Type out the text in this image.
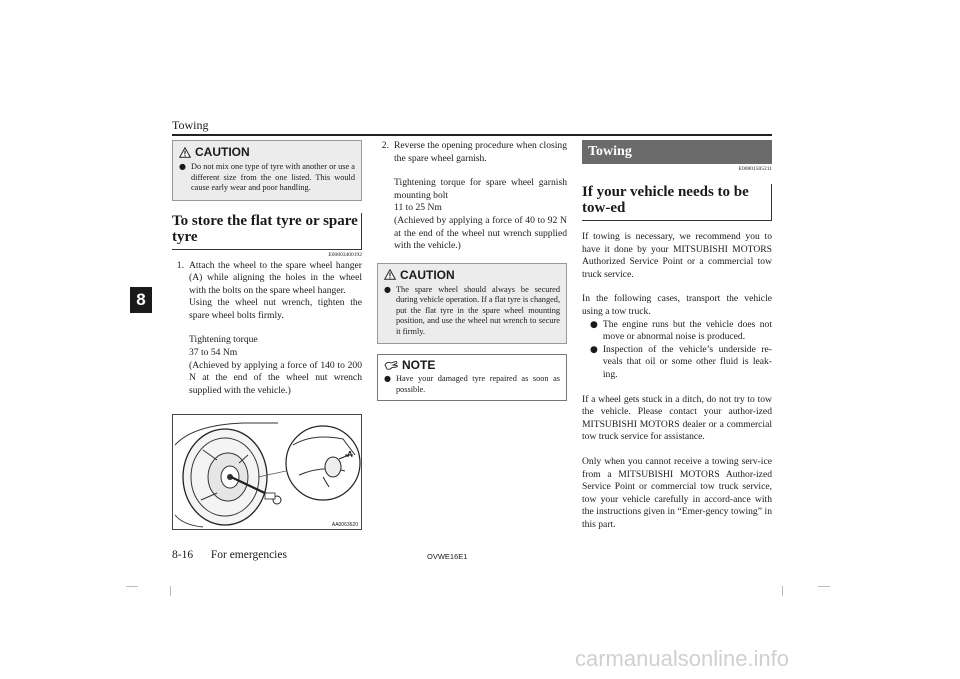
Towing
8
CAUTION
● Do not mix one type of tyre with another or use a different size from the one listed. This would cause early wear and poor handling.
To store the flat tyre or spare tyre
E00803400192
1. Attach the wheel to the spare wheel hanger (A) while aligning the holes in the wheel with the bolts on the spare wheel hanger.
Using the wheel nut wrench, tighten the spare wheel bolts firmly.
Tightening torque
37 to 54 Nm
(Achieved by applying a force of 140 to 200 N at the end of the wheel nut wrench supplied with the vehicle.)
A
AA0063620
2. Reverse the opening procedure when closing the spare wheel garnish.
Tightening torque for spare wheel garnish mounting bolt
11 to 25 Nm
(Achieved by applying a force of 40 to 92 N at the end of the wheel nut wrench supplied with the vehicle.)
CAUTION
● The spare wheel should always be secured during vehicle operation. If a flat tyre is changed, put the flat tyre in the spare wheel mounting position, and use the wheel nut wrench to secure it firmly.
NOTE
● Have your damaged tyre repaired as soon as possible.
Towing
E00801505211
If your vehicle needs to be tow-ed
If towing is necessary, we recommend you to have it done by your MITSUBISHI MOTORS Authorized Service Point or a commercial tow truck service.
In the following cases, transport the vehicle using a tow truck.
● The engine runs but the vehicle does not move or abnormal noise is produced.
● Inspection of the vehicle’s underside re-veals that oil or some other fluid is leak-ing.
If a wheel gets stuck in a ditch, do not try to tow the vehicle. Please contact your author-ized MITSUBISHI MOTORS dealer or a commercial tow truck service for assistance.
Only when you cannot receive a towing serv-ice from a MITSUBISHI MOTORS Author-ized Service Point or commercial tow truck service, tow your vehicle carefully in accord-ance with the instructions given in “Emer-gency towing” in this part.
8-16 For emergencies	OVWE16E1
carmanualsonline.info
